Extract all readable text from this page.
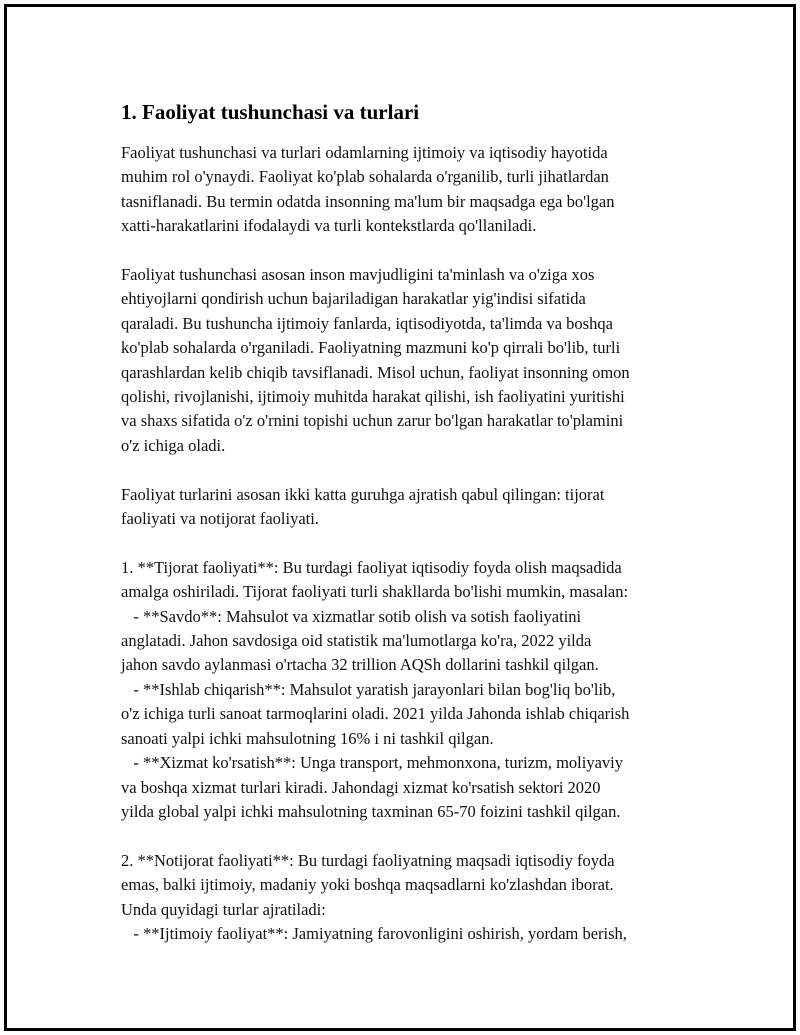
1. Faoliyat tushunchasi va turlari
Faoliyat tushunchasi va turlari odamlarning ijtimoiy va iqtisodiy hayotida
muhim rol o'ynaydi. Faoliyat ko'plab sohalarda o'rganilib, turli jihatlardan
tasniflanadi. Bu termin odatda insonning ma'lum bir maqsadga ega bo'lgan
xatti-harakatlarini ifodalaydi va turli kontekstlarda qo'llaniladi.
Faoliyat tushunchasi asosan inson mavjudligini ta'minlash va o'ziga xos
ehtiyojlarni qondirish uchun bajariladigan harakatlar yig'indisi sifatida
qaraladi. Bu tushuncha ijtimoiy fanlarda, iqtisodiyotda, ta'limda va boshqa
ko'plab sohalarda o'rganiladi. Faoliyatning mazmuni ko'p qirrali bo'lib, turli
qarashlardan kelib chiqib tavsiflanadi. Misol uchun, faoliyat insonning omon
qolishi, rivojlanishi, ijtimoiy muhitda harakat qilishi, ish faoliyatini yuritishi
va shaxs sifatida o'z o'rnini topishi uchun zarur bo'lgan harakatlar to'plamini
o'z ichiga oladi.
Faoliyat turlarini asosan ikki katta guruhga ajratish qabul qilingan: tijorat
faoliyati va notijorat faoliyati.
1. **Tijorat faoliyati**: Bu turdagi faoliyat iqtisodiy foyda olish maqsadida
amalga oshiriladi. Tijorat faoliyati turli shakllarda bo'lishi mumkin, masalan:
- **Savdo**: Mahsulot va xizmatlar sotib olish va sotish faoliyatini
anglatadi. Jahon savdosiga oid statistik ma'lumotlarga ko'ra, 2022 yilda
jahon savdo aylanmasi o'rtacha 32 trillion AQSh dollarini tashkil qilgan.
- **Ishlab chiqarish**: Mahsulot yaratish jarayonlari bilan bog'liq bo'lib,
o'z ichiga turli sanoat tarmoqlarini oladi. 2021 yilda Jahonda ishlab chiqarish
sanoati yalpi ichki mahsulotning 16% i ni tashkil qilgan.
- **Xizmat ko'rsatish**: Unga transport, mehmonxona, turizm, moliyaviy
va boshqa xizmat turlari kiradi. Jahondagi xizmat ko'rsatish sektori 2020
yilda global yalpi ichki mahsulotning taxminan 65-70 foizini tashkil qilgan.
2. **Notijorat faoliyati**: Bu turdagi faoliyatning maqsadi iqtisodiy foyda
emas, balki ijtimoiy, madaniy yoki boshqa maqsadlarni ko'zlashdan iborat.
Unda quyidagi turlar ajratiladi:
- **Ijtimoiy faoliyat**: Jamiyatning farovonligini oshirish, yordam berish,
